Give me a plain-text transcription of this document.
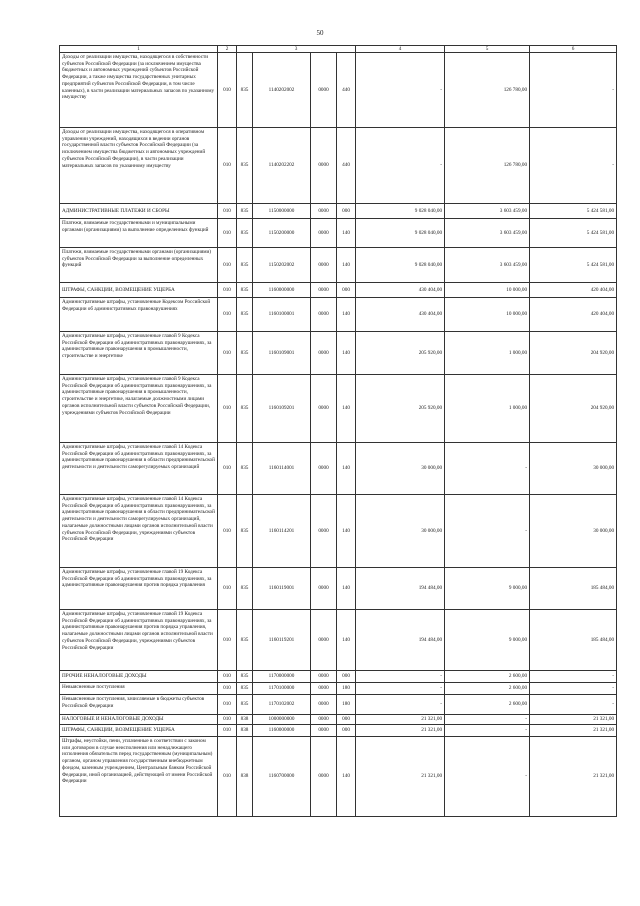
50
1	2	3				4	5	6
Доходы от реализации имущества, находящегося в собственности субъектов Российской Федерации (за исключением имущества бюджетных и автономных учреждений субъектов Российской Федерации, а также имущества государственных унитарных предприятий субъектов Российской Федерации, в том числе казенных), в части реализации материальных запасов по указанному имуществу	010	835	1140202002	0000	440	-	126 780,00	-
Доходы от реализации имущества, находящегося в оперативном управлении учреждений, находящихся в ведении органов государственной власти субъектов Российской Федерации (за исключением имущества бюджетных и автономных учреждений субъектов Российской Федерации), в части реализации материальных запасов по указанному имуществу	010	835	1140202202	0000	440	-	126 780,00	-
АДМИНИСТРАТИВНЫЕ ПЛАТЕЖИ И СБОРЫ	010	835	1150000000	0000	000	9 028 040,00	3 603 459,00	5 424 581,00
Платежи, взимаемые государственными и муниципальными органами (организациями) за выполнение определенных функций	010	835	1150200000	0000	140	9 028 040,00	3 603 459,00	5 424 581,00
Платежи, взимаемые государственными органами (организациями) субъектов Российской Федерации за выполнение определенных функций	010	835	1150202002	0000	140	9 028 040,00	3 603 459,00	5 424 581,00
ШТРАФЫ, САНКЦИИ, ВОЗМЕЩЕНИЕ УЩЕРБА	010	835	1160000000	0000	000	430 404,00	10 000,00	420 404,00
Административные штрафы, установленные Кодексом Российской Федерации об административных правонарушениях	010	835	1160100001	0000	140	430 404,00	10 000,00	420 404,00
Административные штрафы, установленные главой 9 Кодекса Российской Федерации об административных правонарушениях, за административные правонарушения в промышленности, строительстве и энергетике	010	835	1160109001	0000	140	205 920,00	1 000,00	204 920,00
Административные штрафы, установленные главой 9 Кодекса Российской Федерации об административных правонарушениях, за административные правонарушения в промышленности, строительстве и энергетике, налагаемые должностными лицами органов исполнительной власти субъектов Российской Федерации, учреждениями субъектов Российской Федерации	010	835	1160109201	0000	140	205 920,00	1 000,00	204 920,00
Административные штрафы, установленные главой 14 Кодекса Российской Федерации об административных правонарушениях, за административные правонарушения в области предпринимательской деятельности и деятельности саморегулируемых организаций	010	835	1160114001	0000	140	30 000,00	-	30 000,00
Административные штрафы, установленные главой 14 Кодекса Российской Федерации об административных правонарушениях, за административные правонарушения в области предпринимательской деятельности и деятельности саморегулируемых организаций, налагаемые должностными лицами органов исполнительной власти субъектов Российской Федерации, учреждениями субъектов Российской Федерации	010	835	1160114201	0000	140	30 000,00	-	30 000,00
Административные штрафы, установленные главой 19 Кодекса Российской Федерации об административных правонарушениях, за административные правонарушения против порядка управления	010	835	1160119001	0000	140	194 484,00	9 000,00	185 484,00
Административные штрафы, установленные главой 19 Кодекса Российской Федерации об административных правонарушениях, за административные правонарушения против порядка управления, налагаемые должностными лицами органов исполнительной власти субъектов Российской Федерации, учреждениями субъектов Российской Федерации	010	835	1160119201	0000	140	194 484,00	9 000,00	185 484,00
ПРОЧИЕ НЕНАЛОГОВЫЕ ДОХОДЫ	010	835	1170000000	0000	000	-	2 600,00	-
Невыясненные поступления	010	835	1170100000	0000	180	-	2 600,00	-
Невыясненные поступления, зачисляемые в бюджеты субъектов Российской Федерации	010	835	1170102002	0000	180	-	2 600,00	-
НАЛОГОВЫЕ И НЕНАЛОГОВЫЕ ДОХОДЫ	010	838	1000000000	0000	000	21 321,00	-	21 321,00
ШТРАФЫ, САНКЦИИ, ВОЗМЕЩЕНИЕ УЩЕРБА	010	838	1160000000	0000	000	21 321,00	-	21 321,00
Штрафы, неустойки, пени, уплаченные в соответствии с законом или договором в случае неисполнения или ненадлежащего исполнения обязательств перед государственным (муниципальным) органом, органом управления государственным внебюджетным фондом, казенным учреждением, Центральным банком Российской Федерации, иной организацией, действующей от имени Российской Федерации	010	838	1160700000	0000	140	21 321,00	-	21 321,00
